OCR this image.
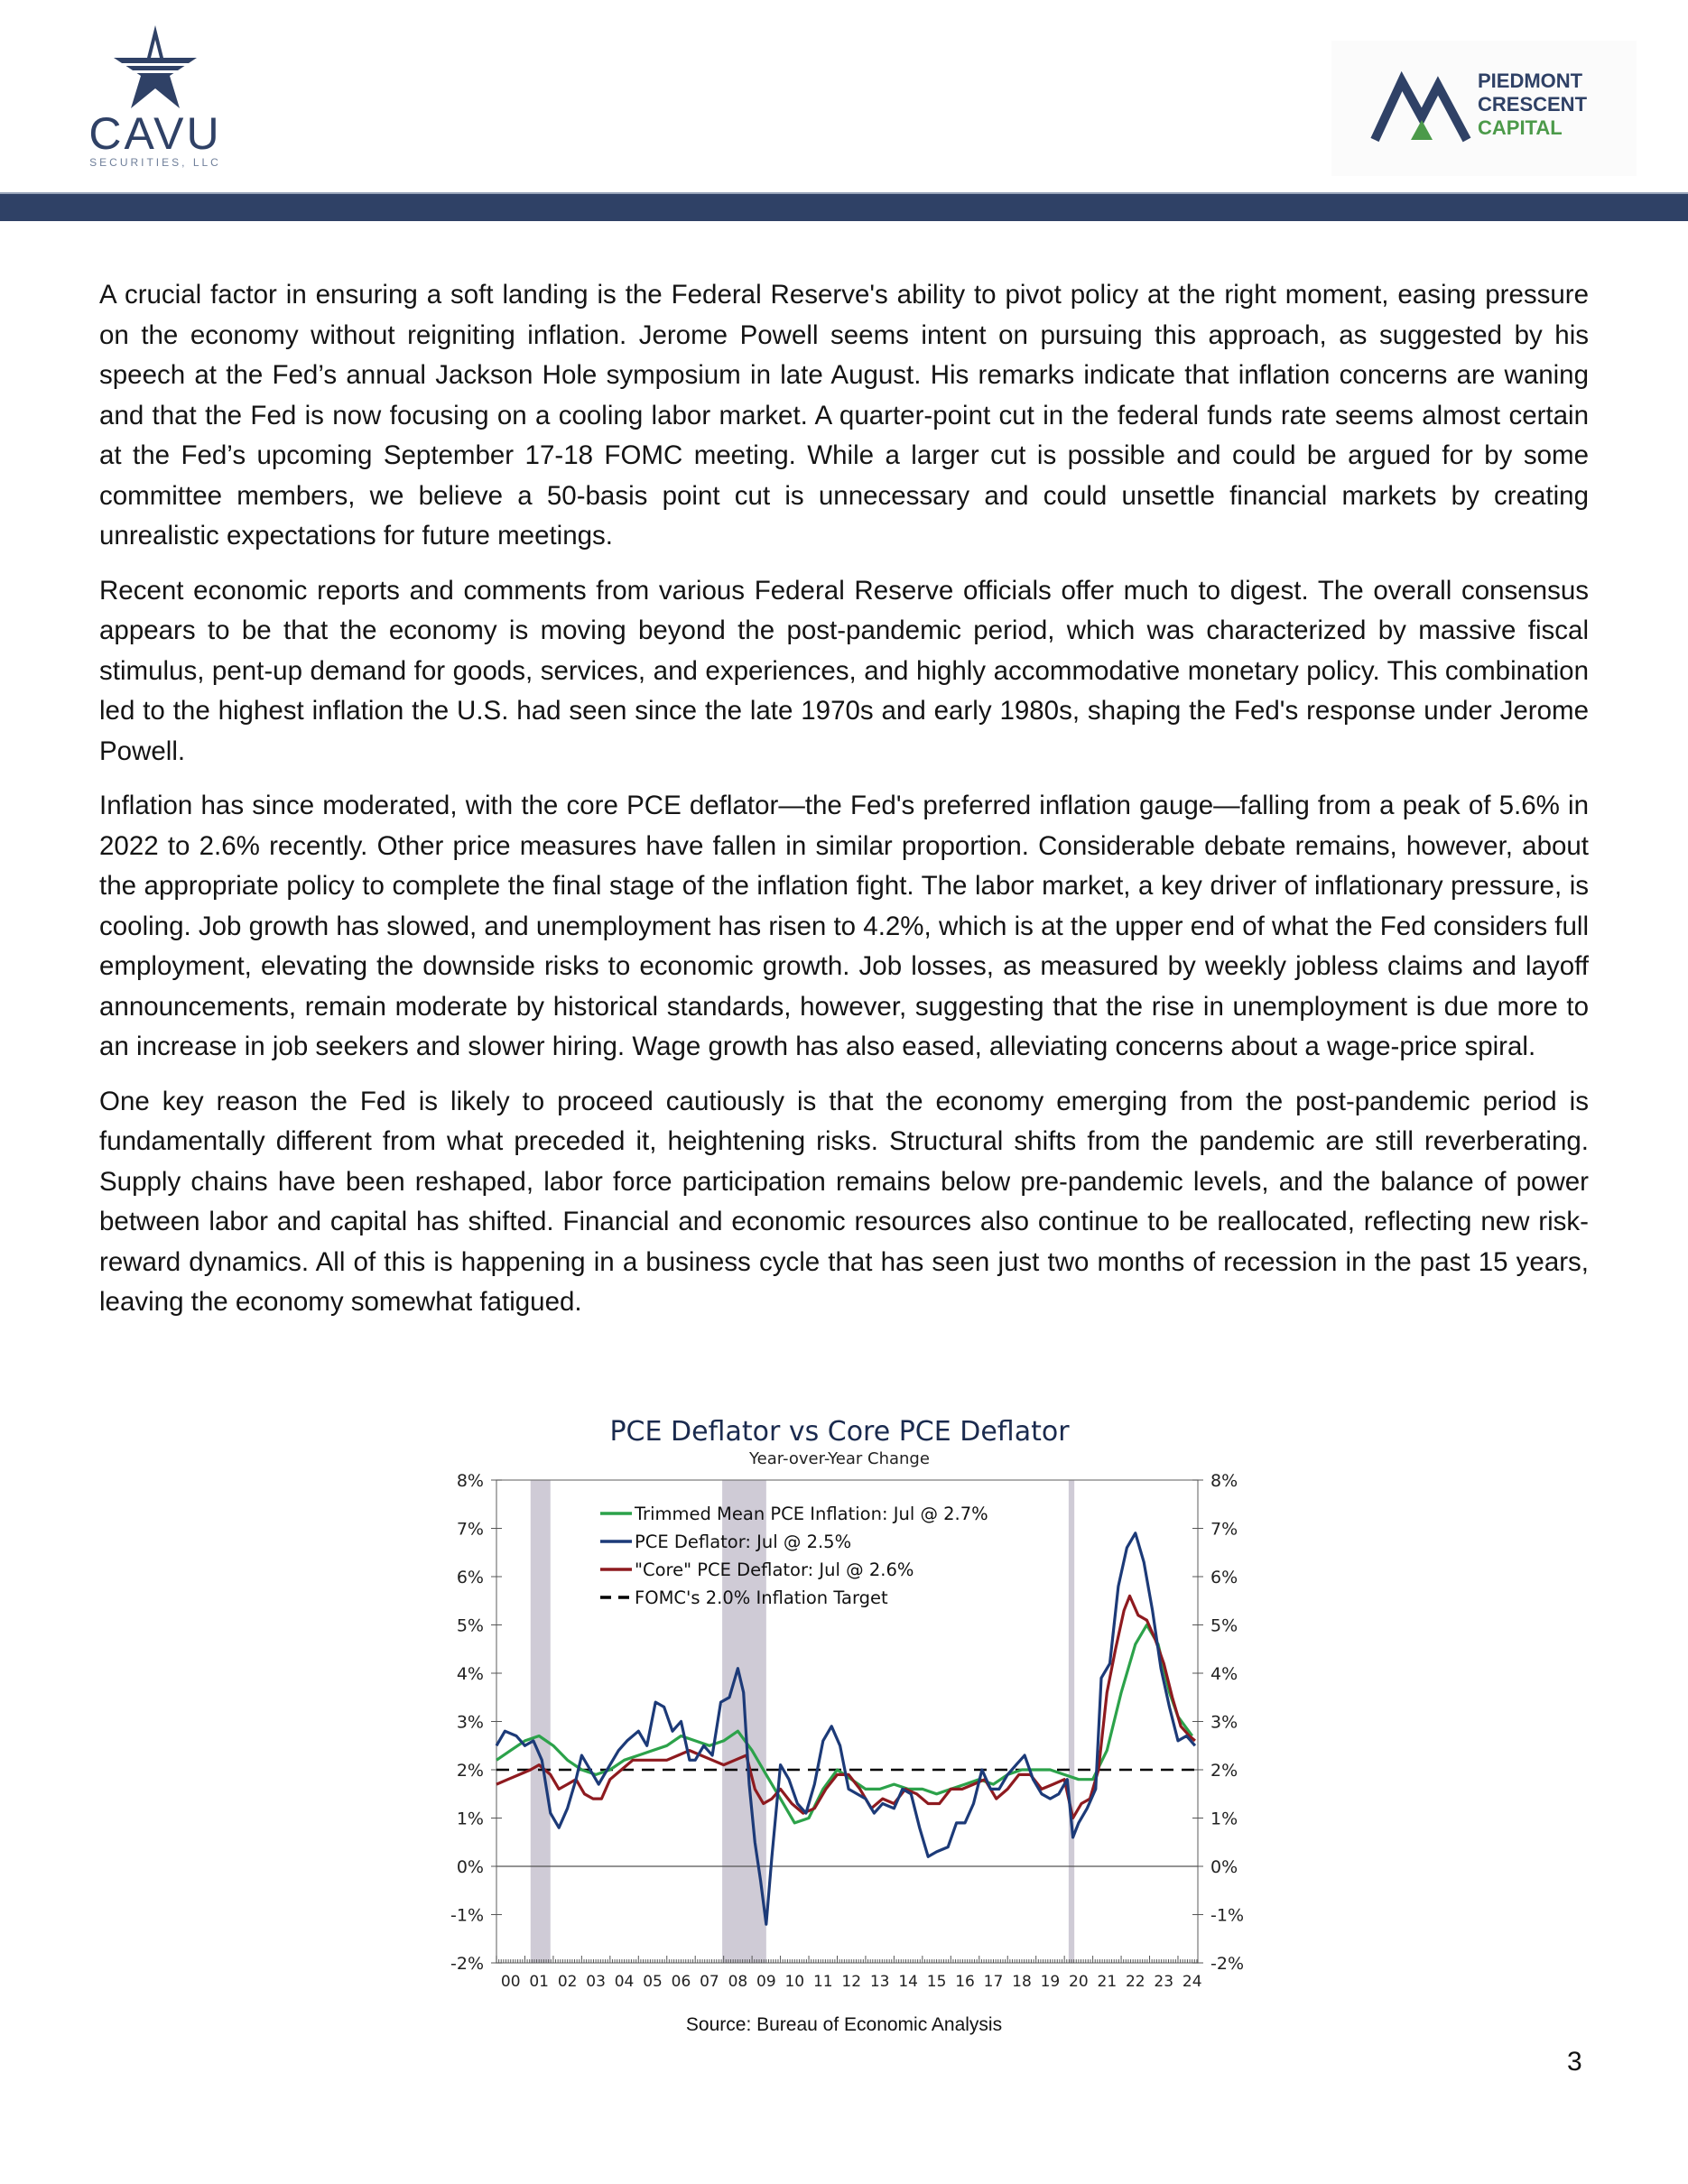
CAVU
SECURITIES, LLC
PIEDMONT
CRESCENT
CAPITAL

A crucial factor in ensuring a soft landing is the Federal Reserve's ability to pivot policy at the right moment, easing pressure on the economy without reigniting inflation. Jerome Powell seems intent on pursuing this approach, as suggested by his speech at the Fed’s annual Jackson Hole symposium in late August. His remarks indicate that inflation concerns are waning and that the Fed is now focusing on a cooling labor market. A quarter-point cut in the federal funds rate seems almost certain at the Fed’s upcoming September 17-18 FOMC meeting. While a larger cut is possible and could be argued for by some committee members, we believe a 50-basis point cut is unnecessary and could unsettle financial markets by creating unrealistic expectations for future meetings.

Recent economic reports and comments from various Federal Reserve officials offer much to digest. The overall consensus appears to be that the economy is moving beyond the post-pandemic period, which was characterized by massive fiscal stimulus, pent-up demand for goods, services, and experiences, and highly accommodative monetary policy. This combination led to the highest inflation the U.S. had seen since the late 1970s and early 1980s, shaping the Fed's response under Jerome Powell.

Inflation has since moderated, with the core PCE deflator—the Fed's preferred inflation gauge—falling from a peak of 5.6% in 2022 to 2.6% recently. Other price measures have fallen in similar proportion. Considerable debate remains, however, about the appropriate policy to complete the final stage of the inflation fight. The labor market, a key driver of inflationary pressure, is cooling. Job growth has slowed, and unemployment has risen to 4.2%, which is at the upper end of what the Fed considers full employment, elevating the downside risks to economic growth. Job losses, as measured by weekly jobless claims and layoff announcements, remain moderate by historical standards, however, suggesting that the rise in unemployment is due more to an increase in job seekers and slower hiring. Wage growth has also eased, alleviating concerns about a wage-price spiral.

One key reason the Fed is likely to proceed cautiously is that the economy emerging from the post-pandemic period is fundamentally different from what preceded it, heightening risks. Structural shifts from the pandemic are still reverberating. Supply chains have been reshaped, labor force participation remains below pre-pandemic levels, and the balance of power between labor and capital has shifted. Financial and economic resources also continue to be reallocated, reflecting new risk-reward dynamics. All of this is happening in a business cycle that has seen just two months of recession in the past 15 years, leaving the economy somewhat fatigued.

PCE Deflator vs Core PCE Deflator
Year-over-Year Change
8%	8%
7%	7%
6%	6%
5%	5%
4%	4%
3%	3%
2%	2%
1%	1%
0%	0%
-1%	-1%
-2%	-2%
00 01 02 03 04 05 06 07 08 09 10 11 12 13 14 15 16 17 18 19 20 21 22 23 24
Trimmed Mean PCE Inflation: Jul @ 2.7%
PCE Deflator: Jul @ 2.5%
"Core" PCE Deflator: Jul @ 2.6%
FOMC's 2.0% Inflation Target
Source: Bureau of Economic Analysis
3
